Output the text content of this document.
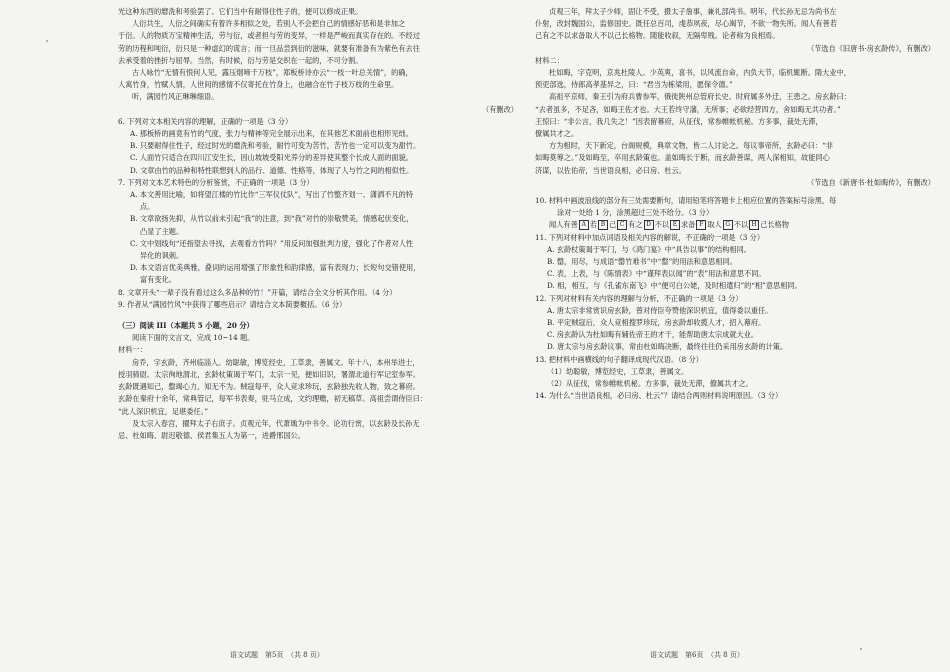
光这种东西的磨洗和考验罢了。它们当中有耐得住性子的，便可以修成正果。
人衍共生，人衍之间确实有着许多相似之处，若别人不会把自己的情感好恶和是非加之
于衍。人的物质万宝精神生活，劳与衍，或者担与劳的变异，一样是严峻而真实存在的。不经过
劳的历程和吨衍，衍只是一种虚幻的谎言；而一旦品尝到衍的滋味，就要有准备有为紫色有去往
去承受着的挫折与屈辱。当然，有时候，衍与劳是交织在一起的，不可分割。
古人咏竹“无情有恨何人见，露压烟啼千万枝”，郑板桥诗亦云“一枝一叶总关情”，的确，
人寓竹身，竹赋人情，人世间的感情不仅寄托在竹身上，也融合在竹子枝万枝的生命里。
听，满园竹风正琳琳细语。
（有删改）
6. 下列对文本相关内容的理解，正确的一项是（3 分）
A. 那板桥的画竟有竹的气度，张力与精神等完全展示出来，在其他艺术面前也相形见绌。
B. 只要耐得住性子，经过时光的磨洗和考验，耐竹可变为苦竹，苦竹也一定可以变为甜竹。
C. 人面竹只适合在四川江安生长，因山坡坡受阳光养分的差异使其整个长成人面的面貌。
D. 文章由竹的品种和特性联想到人的品行、道德、性格等，体现了人与竹之间的相似性。
7. 下列对文本艺术特色的分析鉴赏，不正确的一项是（3 分）
A. 本文善用比喻，如将望江楼的竹比作“三军仪仗队”，写出了竹整齐划一、潇洒不凡的特
点。
B. 文章欲扬先抑，从竹以前未引起“我”的注意，到“我”对竹的崇敬赞美，情感起伏变化，
凸显了主题。
C. 文中划线句“还指望去寻找，去观看方竹吗？”用反问加强批判力度，强化了作者对人性
异化的讽刺。
D. 本文语言优美典雅，叠词的运用增强了形象性和韵律感，富有表现力；长短句交错使用，
富有变化。
8. 文章开头“一辈子没有看过这么多品种的竹！”开篇，请结合全文分析其作用。（4 分）
9. 作者从“满园竹风”中获得了哪些启示？请结合文本简要概括。（6 分）
（三）阅读 III（本题共 5 小题，20 分）
阅读下面的文言文，完成 10~14 题。
材料一：
房乔，字玄龄，齐州临淄人。幼聪敏，博览经史，工草隶，善属文。年十八，本州举进士，
授羽骑尉。太宗徇地渭北，玄龄杖策谒于军门，太宗一见，便如旧识，署渭北道行军记室参军。
玄龄既遇知己，罄竭心力，知无不为。贼寇每平，众人竞求珍玩，玄龄独先收人物，致之幕府。
玄龄在秦府十余年，常典管记，每军书表奏，驻马立成，文约理赡，初无稿草。高祖尝谓侍臣曰：
“此人深识机宜，足堪委任。”
及太宗入春宫，擢拜太子右庶子。贞观元年，代萧瑀为中书令。论功行赏，以玄龄及长孙无
忌、杜如晦、尉迟敬德、侯君集五人为第一，进爵邢国公。
贞观三年，拜太子少师，固让不受，摄太子詹事，兼礼部尚书。明年，代长孙无忌为尚书左
仆射，改封魏国公，监修国史。既任总百司，虔恭夙夜，尽心竭节，不欲一物失所。闻人有善若
己有之不以求备取人不以己长格物。随能收叙，无隔卑贱。论者称为良相焉。
（节选自《旧唐书·房玄龄传》，有删改）
材料二：
杜如晦，字克明，京兆杜陵人。少英爽，喜书，以风流自命，内负大节，临机辄断。隋大业中，
预吏部选，侍郎高孝基异之，曰：“君当为栋梁用，愿保令德。”
高祖平京师，秦王引为府兵曹参军，俄徙陕州总管府长史。时府属多外迁，王患之。房玄龄曰：
“去者虽多，不足吝，如晦王佐才也。大王若终守藩，无所事；必欲经营四方，舍如晦无共功者。”
王惊曰：“非公言，我几失之！”因表留幕府，从征伐，常参帷帐机秘。方多事，裁处无滞，
僚属共才之。
方为相时，天下新定，台阁规模，典章文物，皆二人讨论之。每议事帝所，玄龄必曰：“非
如晦莫筹之。”及如晦至，卒用玄龄策也。盖如晦长于断，而玄龄善谋，两人深相知，故能同心
济谋，以佐佑帝，当世语良相，必曰房、杜云。
（节选自《新唐书·杜如晦传》，有删改）
10. 材料中画波浪线的部分有三处需要断句，请用铅笔将答题卡上相应位置的答案标号涂黑，每
涂对一处给 1 分，涂黑超过三处不给分。（3 分）
闻人有善 A 若 B 己 C 有之 D 不以 E 求备 F 取人 G 不以 H 己长格物
11. 下列对材料中加点词语及相关内容的解说，不正确的一项是（3 分）
A. 玄龄杖策谒于军门，与《鸿门宴》中“具告以事”的结构相同。
B. 罄，用尽，与成语“罄竹难书”中“罄”的用法和意思相同。
C. 表，上表，与《陈情表》中“谨拜表以闻”的“表”用法和意思不同。
D. 相，相互，与《孔雀东南飞》中“便可白公姥，及时相遣归”的“相”意思相同。
12. 下列对材料有关内容的理解与分析，不正确的一项是（3 分）
A. 唐太宗非常赏识房玄龄，曾对侍臣夸赞他深识机宜，值得委以重任。
B. 平定贼寇后，众人竞相搜罗珍玩，房玄龄却收揽人才，招入幕府。
C. 房玄龄认为杜如晦有辅佐帝王的才干，能帮助唐太宗成就大业。
D. 唐太宗与房玄龄议事，常由杜如晦决断，最终往往仍采用房玄龄的计策。
13. 把材料中画横线的句子翻译成现代汉语。（8 分）
（1）幼聪敏，博览经史，工草隶，善属文。
（2）从征伐，常参帷帐机秘。方多事，裁处无滞，僚属共才之。
14. 为什么“当世语良相，必曰房、杜云”？请结合两则材料说明原因。（3 分）
语文试题　第5页　（共 8 页）	语文试题　第6页　（共 8 页）
